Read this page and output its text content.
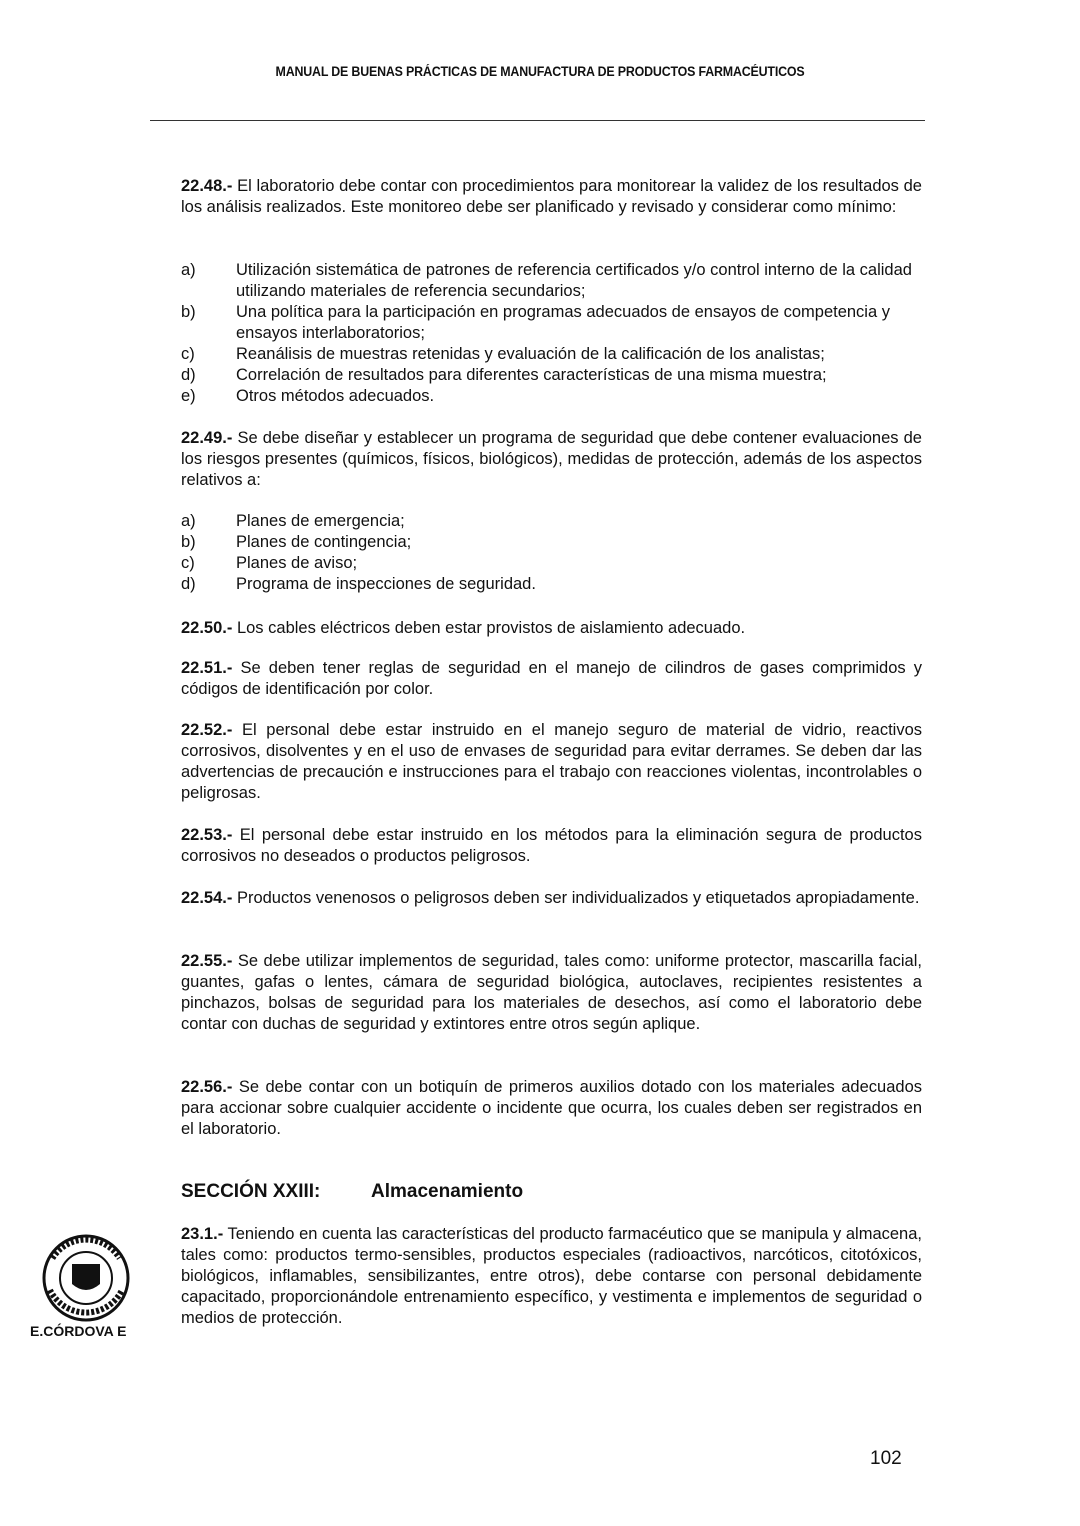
MANUAL DE BUENAS PRÁCTICAS DE MANUFACTURA DE PRODUCTOS FARMACÉUTICOS
22.48.- El laboratorio debe contar con procedimientos para monitorear la validez de los resultados de los análisis realizados. Este monitoreo debe ser planificado y revisado y considerar como mínimo:
a)	Utilización sistemática de patrones de referencia certificados y/o control interno de la calidad utilizando materiales de referencia secundarios;
b)	Una política para la participación en programas adecuados de ensayos de competencia y ensayos interlaboratorios;
c)	Reanálisis de muestras retenidas y evaluación de la calificación de los analistas;
d)	Correlación de resultados para diferentes características de una misma muestra;
e)	Otros métodos adecuados.
22.49.- Se debe diseñar y establecer un programa de seguridad que debe contener evaluaciones de los riesgos presentes (químicos, físicos, biológicos), medidas de protección, además de los aspectos relativos a:
a)	Planes de emergencia;
b)	Planes de contingencia;
c)	Planes de aviso;
d)	Programa de inspecciones de seguridad.
22.50.- Los cables eléctricos deben estar provistos de aislamiento adecuado.
22.51.- Se deben tener reglas de seguridad en el manejo de cilindros de gases comprimidos y códigos de identificación por color.
22.52.- El personal debe estar instruido en el manejo seguro de material de vidrio, reactivos corrosivos, disolventes y en el uso de envases de seguridad para evitar derrames. Se deben dar las advertencias de precaución e instrucciones para el trabajo con reacciones violentas, incontrolables o peligrosas.
22.53.- El personal debe estar instruido en los métodos para la eliminación segura de productos corrosivos no deseados o productos peligrosos.
22.54.- Productos venenosos o peligrosos deben ser individualizados y etiquetados apropiadamente.
22.55.- Se debe utilizar implementos de seguridad, tales como: uniforme protector, mascarilla facial, guantes, gafas o lentes, cámara de seguridad biológica, autoclaves, recipientes resistentes a pinchazos, bolsas de seguridad para los materiales de desechos, así como el laboratorio debe contar con duchas de seguridad y extintores entre otros según aplique.
22.56.- Se debe contar con un botiquín de primeros auxilios dotado con los materiales adecuados para accionar sobre cualquier accidente o incidente que ocurra, los cuales deben ser registrados en el laboratorio.
SECCIÓN XXIII:	Almacenamiento
23.1.- Teniendo en cuenta las características del producto farmacéutico que se manipula y almacena, tales como: productos termo-sensibles, productos especiales (radioactivos, narcóticos, citotóxicos, biológicos, inflamables, sensibilizantes, entre otros), debe contarse con personal debidamente capacitado, proporcionándole entrenamiento específico, y vestimenta e implementos de seguridad o medios de protección.
E.CÓRDOVA E
102
